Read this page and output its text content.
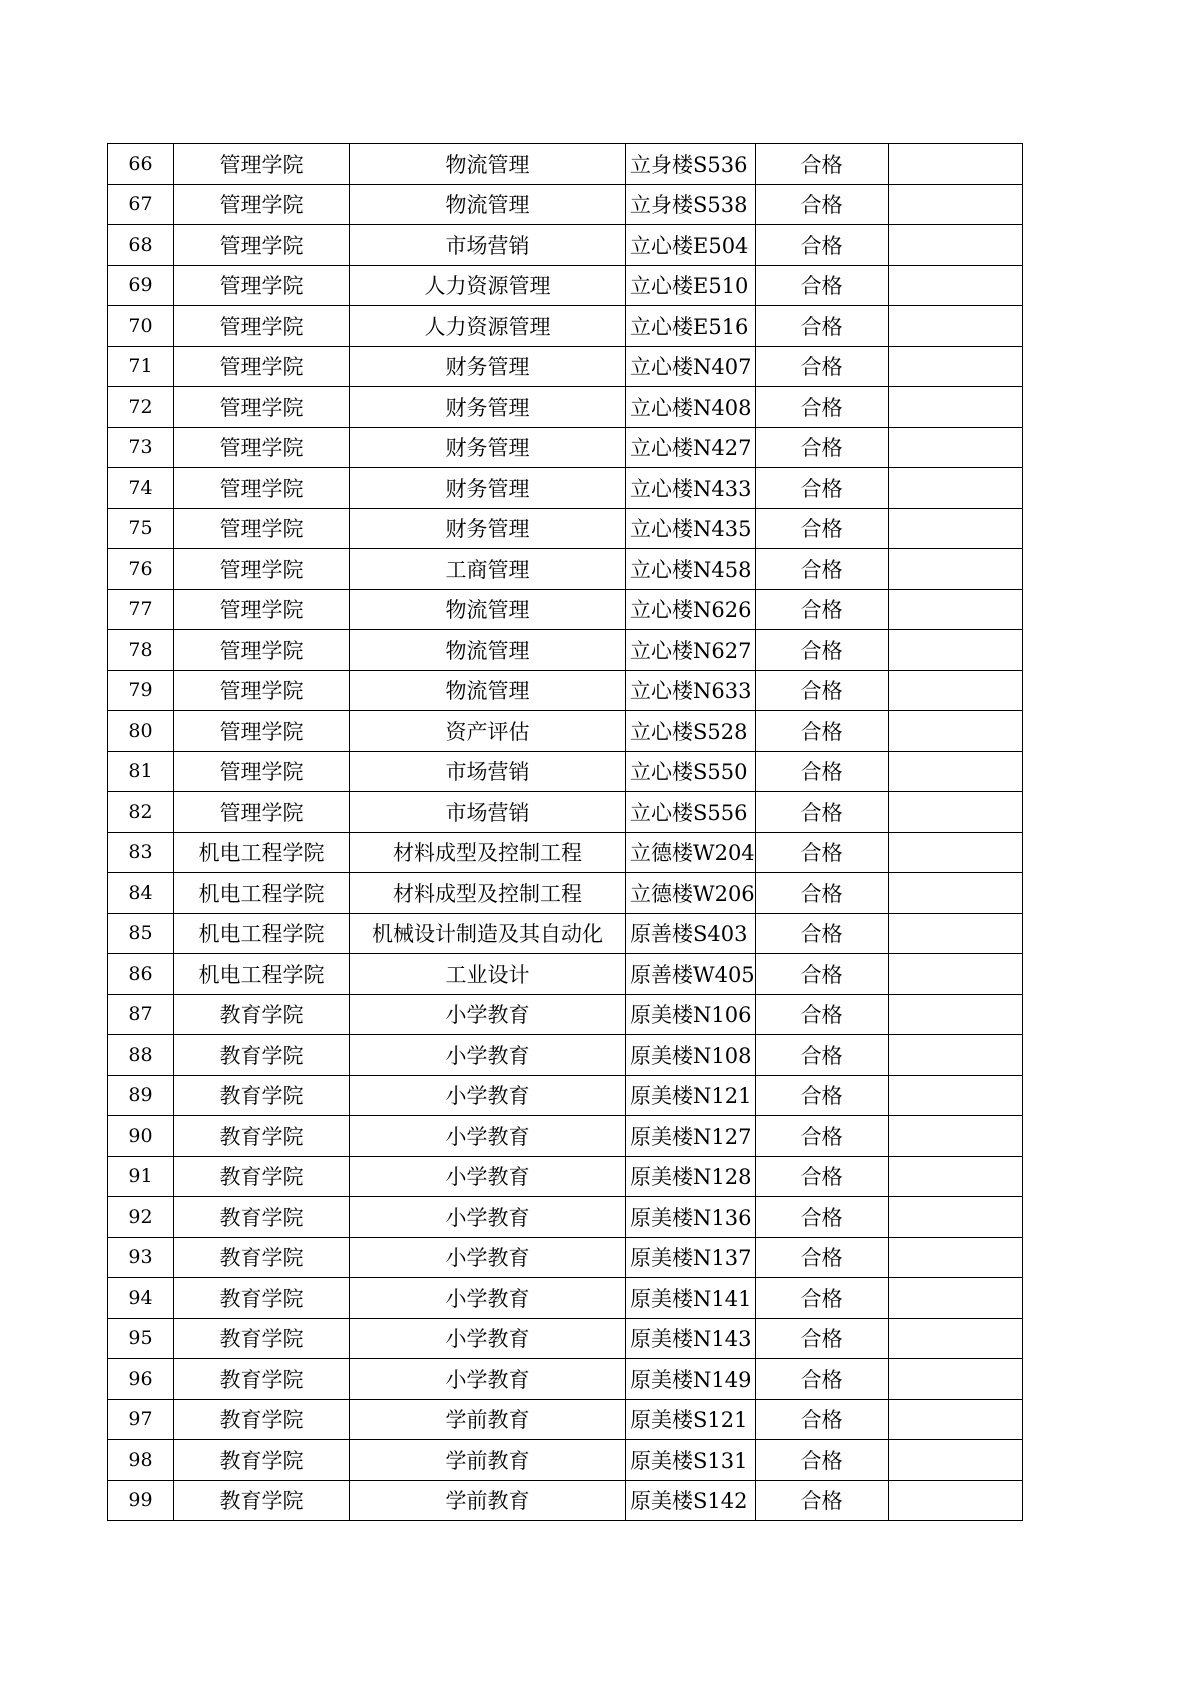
66	管理学院	物流管理	立身楼S536	合格	
67	管理学院	物流管理	立身楼S538	合格	
68	管理学院	市场营销	立心楼E504	合格	
69	管理学院	人力资源管理	立心楼E510	合格	
70	管理学院	人力资源管理	立心楼E516	合格	
71	管理学院	财务管理	立心楼N407	合格	
72	管理学院	财务管理	立心楼N408	合格	
73	管理学院	财务管理	立心楼N427	合格	
74	管理学院	财务管理	立心楼N433	合格	
75	管理学院	财务管理	立心楼N435	合格	
76	管理学院	工商管理	立心楼N458	合格	
77	管理学院	物流管理	立心楼N626	合格	
78	管理学院	物流管理	立心楼N627	合格	
79	管理学院	物流管理	立心楼N633	合格	
80	管理学院	资产评估	立心楼S528	合格	
81	管理学院	市场营销	立心楼S550	合格	
82	管理学院	市场营销	立心楼S556	合格	
83	机电工程学院	材料成型及控制工程	立德楼W204	合格	
84	机电工程学院	材料成型及控制工程	立德楼W206	合格	
85	机电工程学院	机械设计制造及其自动化	原善楼S403	合格	
86	机电工程学院	工业设计	原善楼W405	合格	
87	教育学院	小学教育	原美楼N106	合格	
88	教育学院	小学教育	原美楼N108	合格	
89	教育学院	小学教育	原美楼N121	合格	
90	教育学院	小学教育	原美楼N127	合格	
91	教育学院	小学教育	原美楼N128	合格	
92	教育学院	小学教育	原美楼N136	合格	
93	教育学院	小学教育	原美楼N137	合格	
94	教育学院	小学教育	原美楼N141	合格	
95	教育学院	小学教育	原美楼N143	合格	
96	教育学院	小学教育	原美楼N149	合格	
97	教育学院	学前教育	原美楼S121	合格	
98	教育学院	学前教育	原美楼S131	合格	
99	教育学院	学前教育	原美楼S142	合格	
